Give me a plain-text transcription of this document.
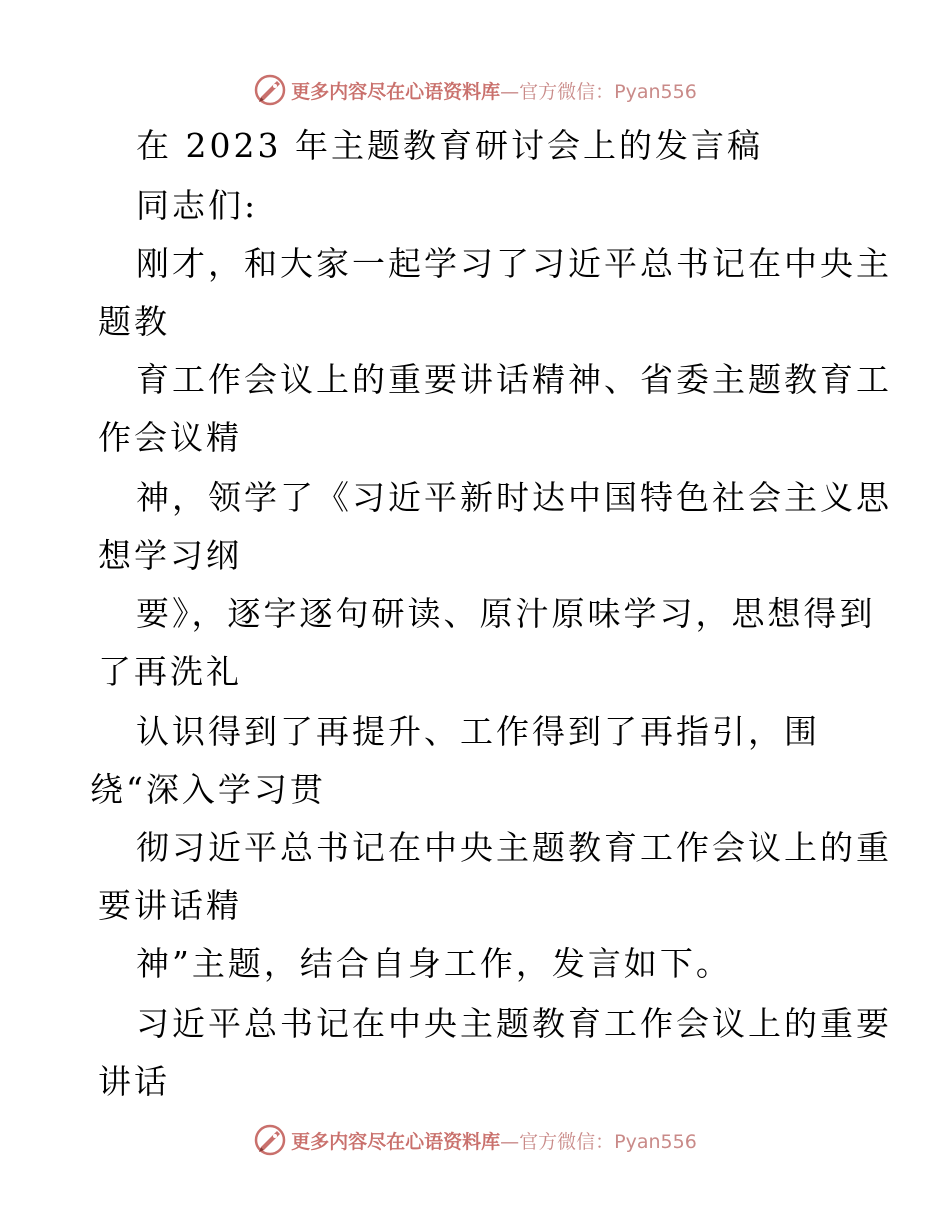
更多内容尽在心语资料库—官方微信：Pyan556
在 2023 年主题教育研讨会上的发言稿
同志们:
刚才，和大家一起学习了习近平总书记在中央主
题教
育工作会议上的重要讲话精神、省委主题教育工
作会议精
神，领学了《习近平新时达中国特色社会主义思
想学习纲
要》，逐字逐句研读、原汁原味学习，思想得到
了再洗礼
认识得到了再提升、工作得到了再指引，围
绕“深入学习贯
彻习近平总书记在中央主题教育工作会议上的重
要讲话精
神”主题，结合自身工作，发言如下。
习近平总书记在中央主题教育工作会议上的重要
讲话
更多内容尽在心语资料库—官方微信：Pyan556
